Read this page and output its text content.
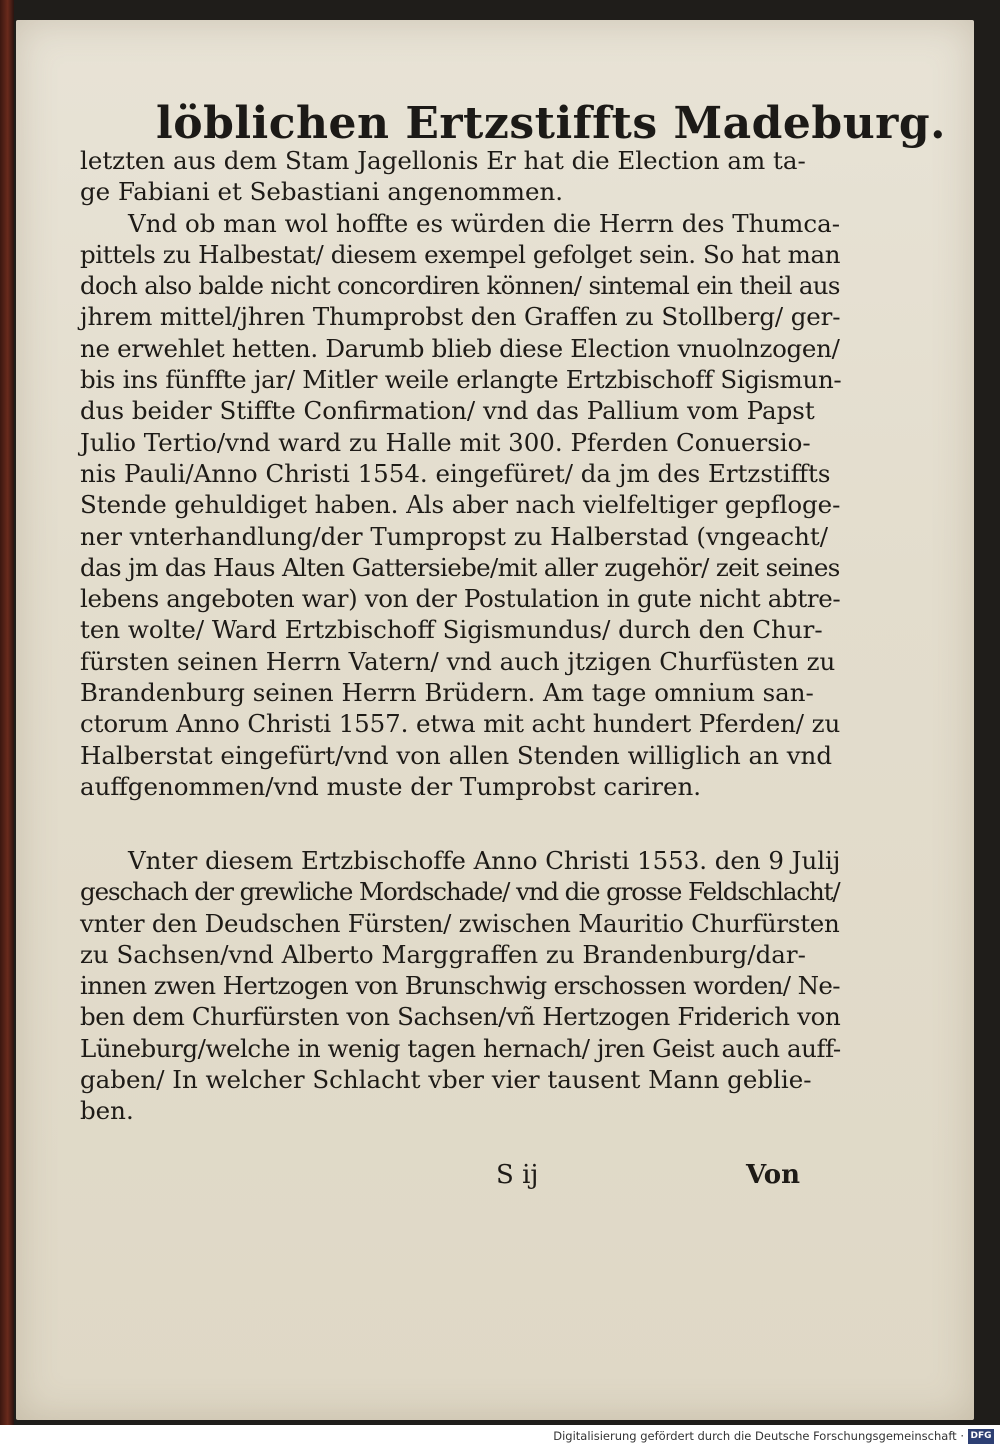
löblichen Ertzstiffts Madeburg.
letzten aus dem Stam Jagellonis Er hat die Election am ta-
ge Fabiani et Sebastiani angenommen.
Vnd ob man wol hoffte es würden die Herrn des Thumca-
pittels zu Halbestat/ diesem exempel gefolget sein. So hat man
doch also balde nicht concordiren können/ sintemal ein theil aus
jhrem mittel/jhren Thumprobst den Graffen zu Stollberg/ ger-
ne erwehlet hetten. Darumb blieb diese Election vnuolnzogen/
bis ins fünffte jar/ Mitler weile erlangte Ertzbischoff Sigismun-
dus beider Stiffte Confirmation/ vnd das Pallium vom Papst
Julio Tertio/vnd ward zu Halle mit 300. Pferden Conuersio-
nis Pauli/Anno Christi 1554. eingefüret/ da jm des Ertzstiffts
Stende gehuldiget haben. Als aber nach vielfeltiger gepfloge-
ner vnterhandlung/der Tumpropst zu Halberstad (vngeacht/
das jm das Haus Alten Gattersiebe/mit aller zugehör/ zeit seines
lebens angeboten war) von der Postulation in gute nicht abtre-
ten wolte/ Ward Ertzbischoff Sigismundus/ durch den Chur-
fürsten seinen Herrn Vatern/ vnd auch jtzigen Churfüsten zu
Brandenburg seinen Herrn Brüdern. Am tage omnium san-
ctorum Anno Christi 1557. etwa mit acht hundert Pferden/ zu
Halberstat eingefürt/vnd von allen Stenden williglich an vnd
auffgenommen/vnd muste der Tumprobst cariren.
Vnter diesem Ertzbischoffe Anno Christi 1553. den 9 Julij
geschach der grewliche Mordschade/ vnd die grosse Feldschlacht/
vnter den Deudschen Fürsten/ zwischen Mauritio Churfürsten
zu Sachsen/vnd Alberto Marggraffen zu Brandenburg/dar-
innen zwen Hertzogen von Brunschwig erschossen worden/ Ne-
ben dem Churfürsten von Sachsen/vñ Hertzogen Friderich von
Lüneburg/welche in wenig tagen hernach/ jren Geist auch auff-
gaben/ In welcher Schlacht vber vier tausent Mann geblie-
ben.
S ij	Von
Digitalisierung gefördert durch die Deutsche Forschungsgemeinschaft · DFG
